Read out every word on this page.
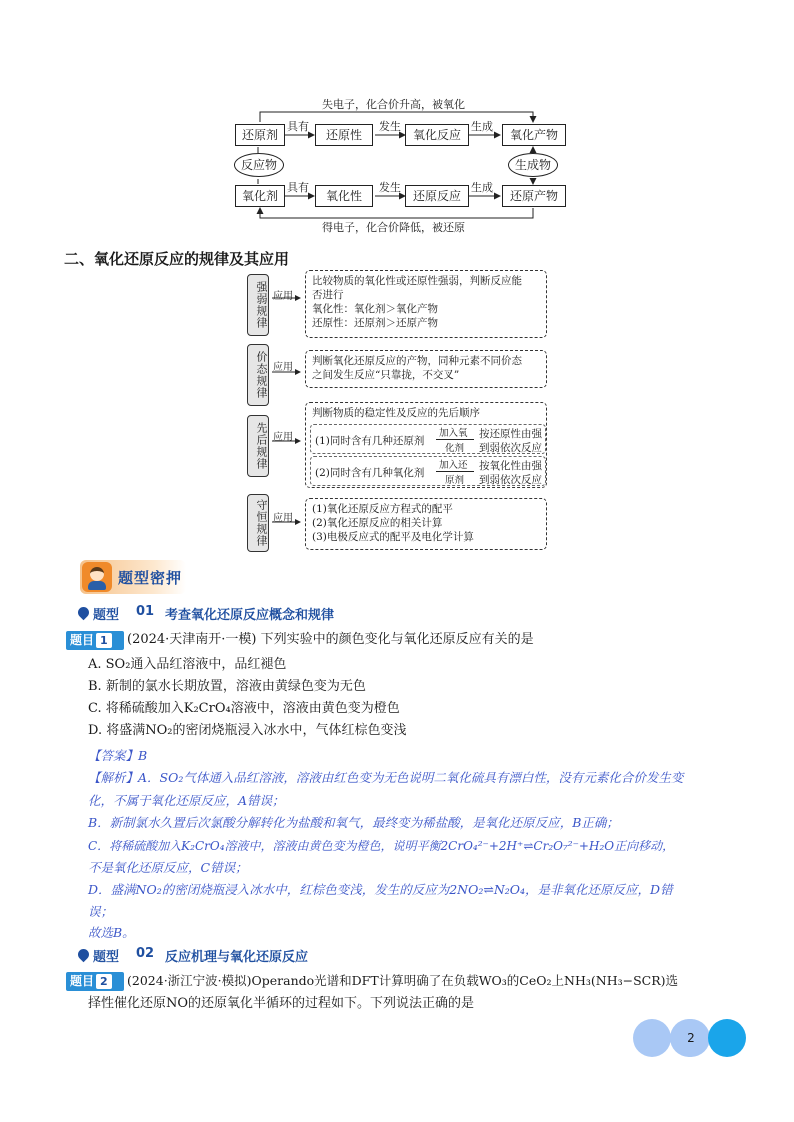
失电子，化合价升高，被氧化
得电子，化合价降低，被还原
还原剂	还原性	氧化反应	氧化产物
反应物	生成物
氧化剂	氧化性	还原反应	还原产物
具有	发生	生成
具有	发生	生成
二、氧化还原反应的规律及其应用
强弱规律 应用
比较物质的氧化性或还原性强弱，判断反应能
否进行
氧化性：氧化剂＞氧化产物
还原性：还原剂＞还原产物
价态规律 应用
判断氧化还原反应的产物，同种元素不同价态
之间发生反应“只靠拢，不交叉”
先后规律 应用
判断物质的稳定性及反应的先后顺序
(1)同时含有几种还原剂
加入氧
化剂
按还原性由强
到弱依次反应
(2)同时含有几种氧化剂
加入还
原剂
按氧化性由强
到弱依次反应
守恒规律 应用
(1)氧化还原反应方程式的配平
(2)氧化还原反应的相关计算
(3)电极反应式的配平及电化学计算
题型密押
题型 01 考查氧化还原反应概念和规律
题目 1	(2024·天津南开·一模) 下列实验中的颜色变化与氧化还原反应有关的是
A. SO₂通入品红溶液中，品红褪色
B. 新制的氯水长期放置，溶液由黄绿色变为无色
C. 将稀硫酸加入K₂CrO₄溶液中，溶液由黄色变为橙色
D. 将盛满NO₂的密闭烧瓶浸入冰水中，气体红棕色变浅
【答案】B
【解析】A．SO₂气体通入品红溶液，溶液由红色变为无色说明二氧化硫具有漂白性，没有元素化合价发生变
化，不属于氧化还原反应，A错误；
B．新制氯水久置后次氯酸分解转化为盐酸和氧气，最终变为稀盐酸，是氧化还原反应，B正确；
C．将稀硫酸加入K₂CrO₄溶液中，溶液由黄色变为橙色，说明平衡2CrO₄²⁻+2H⁺⇌Cr₂O₇²⁻+H₂O正向移动，
不是氧化还原反应，C错误；
D．盛满NO₂的密闭烧瓶浸入冰水中，红棕色变浅，发生的反应为2NO₂⇌N₂O₄，是非氧化还原反应，D错
误；
故选B。
题型 02 反应机理与氧化还原反应
题目 2	(2024·浙江宁波·模拟)Operando光谱和DFT计算明确了在负载WO₃的CeO₂上NH₃(NH₃−SCR)选
择性催化还原NO的还原氧化半循环的过程如下。下列说法正确的是
2
